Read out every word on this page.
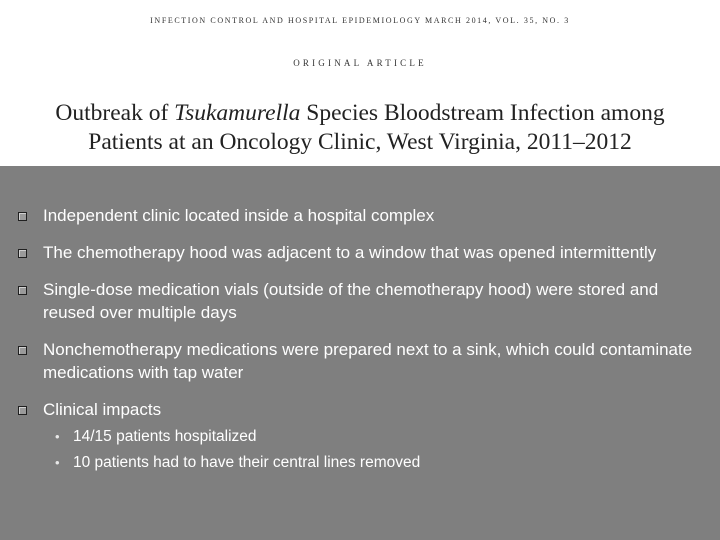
INFECTION CONTROL AND HOSPITAL EPIDEMIOLOGY MARCH 2014, VOL. 35, NO. 3
ORIGINAL ARTICLE
Outbreak of Tsukamurella Species Bloodstream Infection among
Patients at an Oncology Clinic, West Virginia, 2011–2012
Independent clinic located inside a hospital complex
The chemotherapy hood was adjacent to a window that was opened intermittently
Single-dose medication vials (outside of the chemotherapy hood) were stored and reused over multiple days
Nonchemotherapy medications were prepared next to a sink, which could contaminate medications with tap water
Clinical impacts
• 14/15 patients hospitalized
• 10 patients had to have their central lines removed
